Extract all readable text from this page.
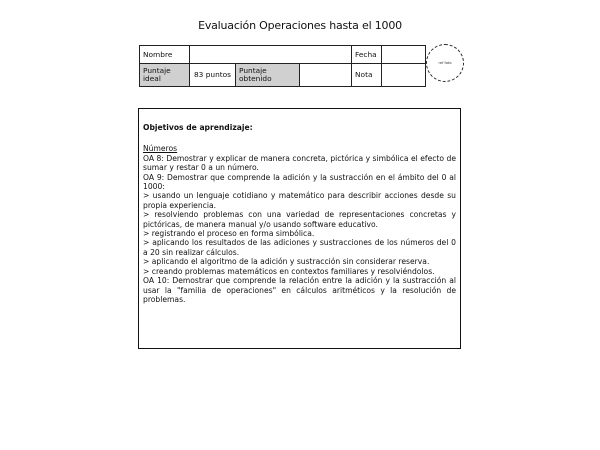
Evaluación Operaciones hasta el 1000
Nombre				Fecha	
Puntaje ideal	83 puntos	Puntaje obtenido		Nota	
ref foto
Objetivos de aprendizaje:
Números
OA 8: Demostrar y explicar de manera concreta, pictórica y simbólica el efecto de sumar y restar 0 a un número.
OA 9: Demostrar que comprende la adición y la sustracción en el ámbito del 0 al 1000:
> usando un lenguaje cotidiano y matemático para describir acciones desde su propia experiencia.
> resolviendo problemas con una variedad de representaciones concretas y pictóricas, de manera manual y/o usando software educativo.
> registrando el proceso en forma simbólica.
> aplicando los resultados de las adiciones y sustracciones de los números del 0 a 20 sin realizar cálculos.
> aplicando el algoritmo de la adición y sustracción sin considerar reserva.
> creando problemas matemáticos en contextos familiares y resolviéndolos.
OA 10: Demostrar que comprende la relación entre la adición y la sustracción al usar la "familia de operaciones" en cálculos aritméticos y la resolución de problemas.
